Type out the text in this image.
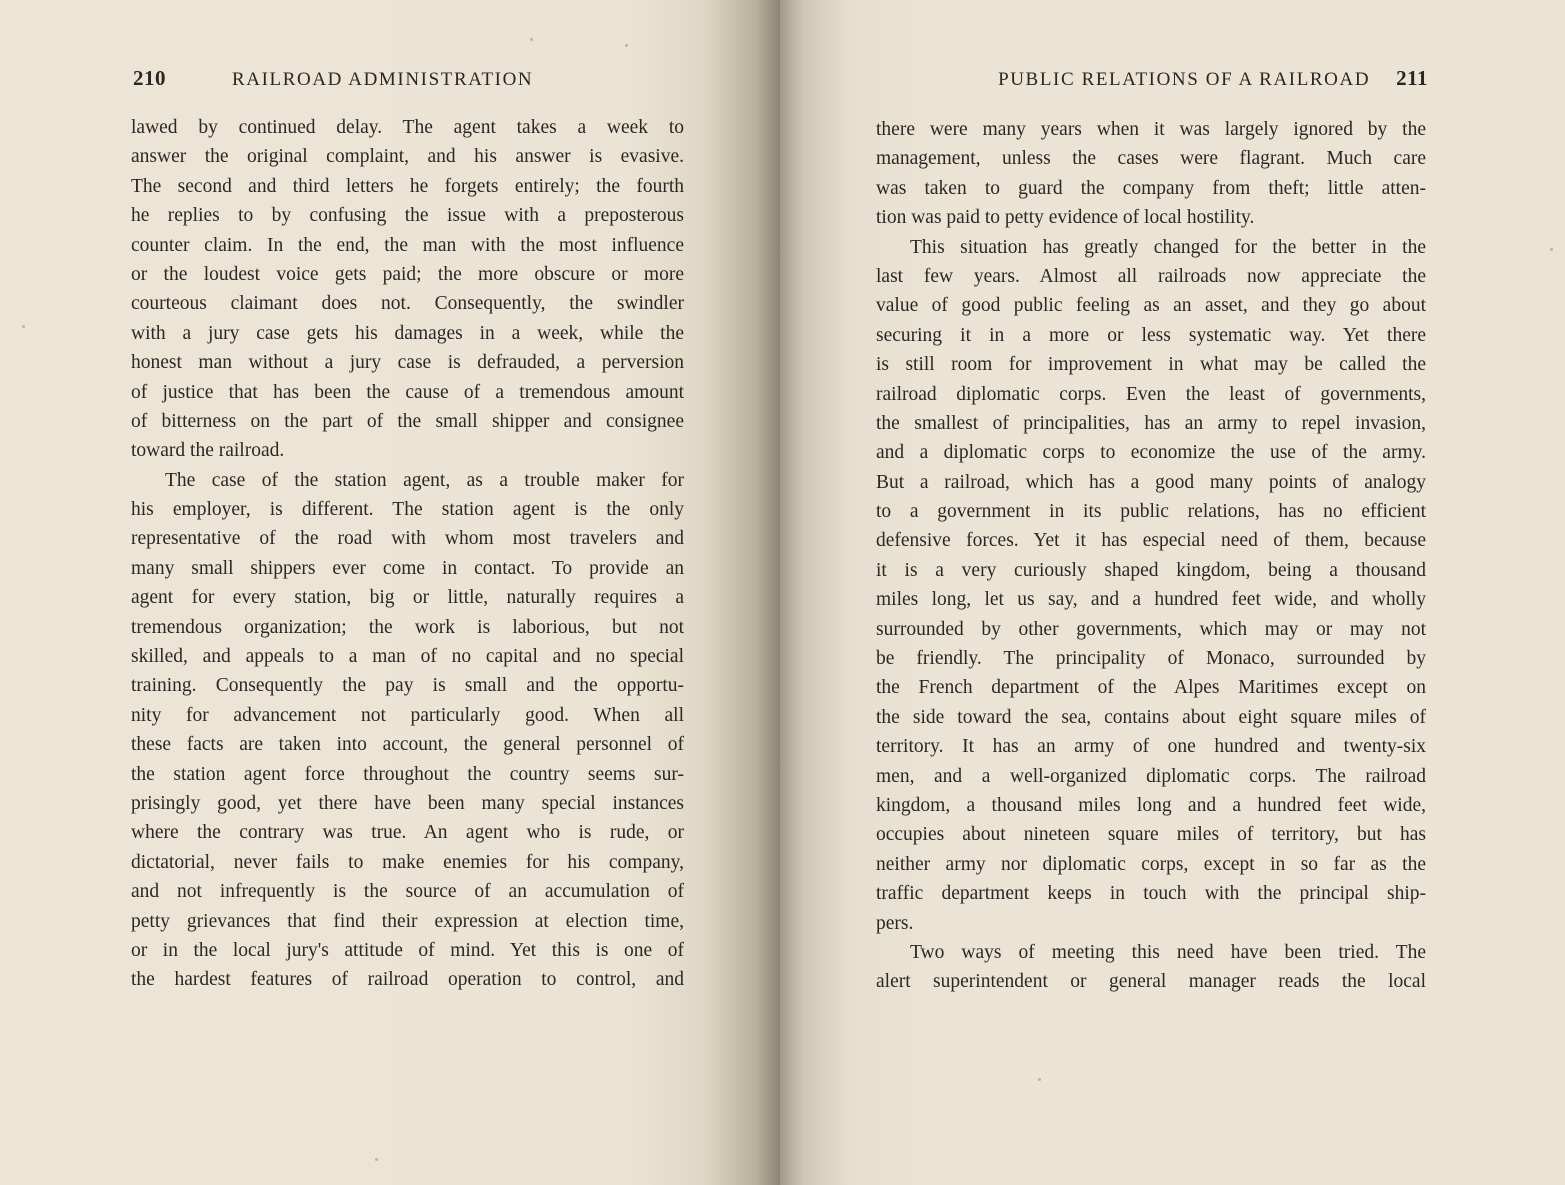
210	RAILROAD ADMINISTRATION
lawed by continued delay. The agent takes a week to
answer the original complaint, and his answer is evasive.
The second and third letters he forgets entirely; the fourth
he replies to by confusing the issue with a preposterous
counter claim. In the end, the man with the most influence
or the loudest voice gets paid; the more obscure or more
courteous claimant does not. Consequently, the swindler
with a jury case gets his damages in a week, while the
honest man without a jury case is defrauded, a perversion
of justice that has been the cause of a tremendous amount
of bitterness on the part of the small shipper and consignee
toward the railroad.
The case of the station agent, as a trouble maker for
his employer, is different. The station agent is the only
representative of the road with whom most travelers and
many small shippers ever come in contact. To provide an
agent for every station, big or little, naturally requires a
tremendous organization; the work is laborious, but not
skilled, and appeals to a man of no capital and no special
training. Consequently the pay is small and the opportu-
nity for advancement not particularly good. When all
these facts are taken into account, the general personnel of
the station agent force throughout the country seems sur-
prisingly good, yet there have been many special instances
where the contrary was true. An agent who is rude, or
dictatorial, never fails to make enemies for his company,
and not infrequently is the source of an accumulation of
petty grievances that find their expression at election time,
or in the local jury's attitude of mind. Yet this is one of
the hardest features of railroad operation to control, and
PUBLIC RELATIONS OF A RAILROAD 211
there were many years when it was largely ignored by the
management, unless the cases were flagrant. Much care
was taken to guard the company from theft; little atten-
tion was paid to petty evidence of local hostility.
This situation has greatly changed for the better in the
last few years. Almost all railroads now appreciate the
value of good public feeling as an asset, and they go about
securing it in a more or less systematic way. Yet there
is still room for improvement in what may be called the
railroad diplomatic corps. Even the least of governments,
the smallest of principalities, has an army to repel invasion,
and a diplomatic corps to economize the use of the army.
But a railroad, which has a good many points of analogy
to a government in its public relations, has no efficient
defensive forces. Yet it has especial need of them, because
it is a very curiously shaped kingdom, being a thousand
miles long, let us say, and a hundred feet wide, and wholly
surrounded by other governments, which may or may not
be friendly. The principality of Monaco, surrounded by
the French department of the Alpes Maritimes except on
the side toward the sea, contains about eight square miles of
territory. It has an army of one hundred and twenty-six
men, and a well-organized diplomatic corps. The railroad
kingdom, a thousand miles long and a hundred feet wide,
occupies about nineteen square miles of territory, but has
neither army nor diplomatic corps, except in so far as the
traffic department keeps in touch with the principal ship-
pers.
Two ways of meeting this need have been tried. The
alert superintendent or general manager reads the local
